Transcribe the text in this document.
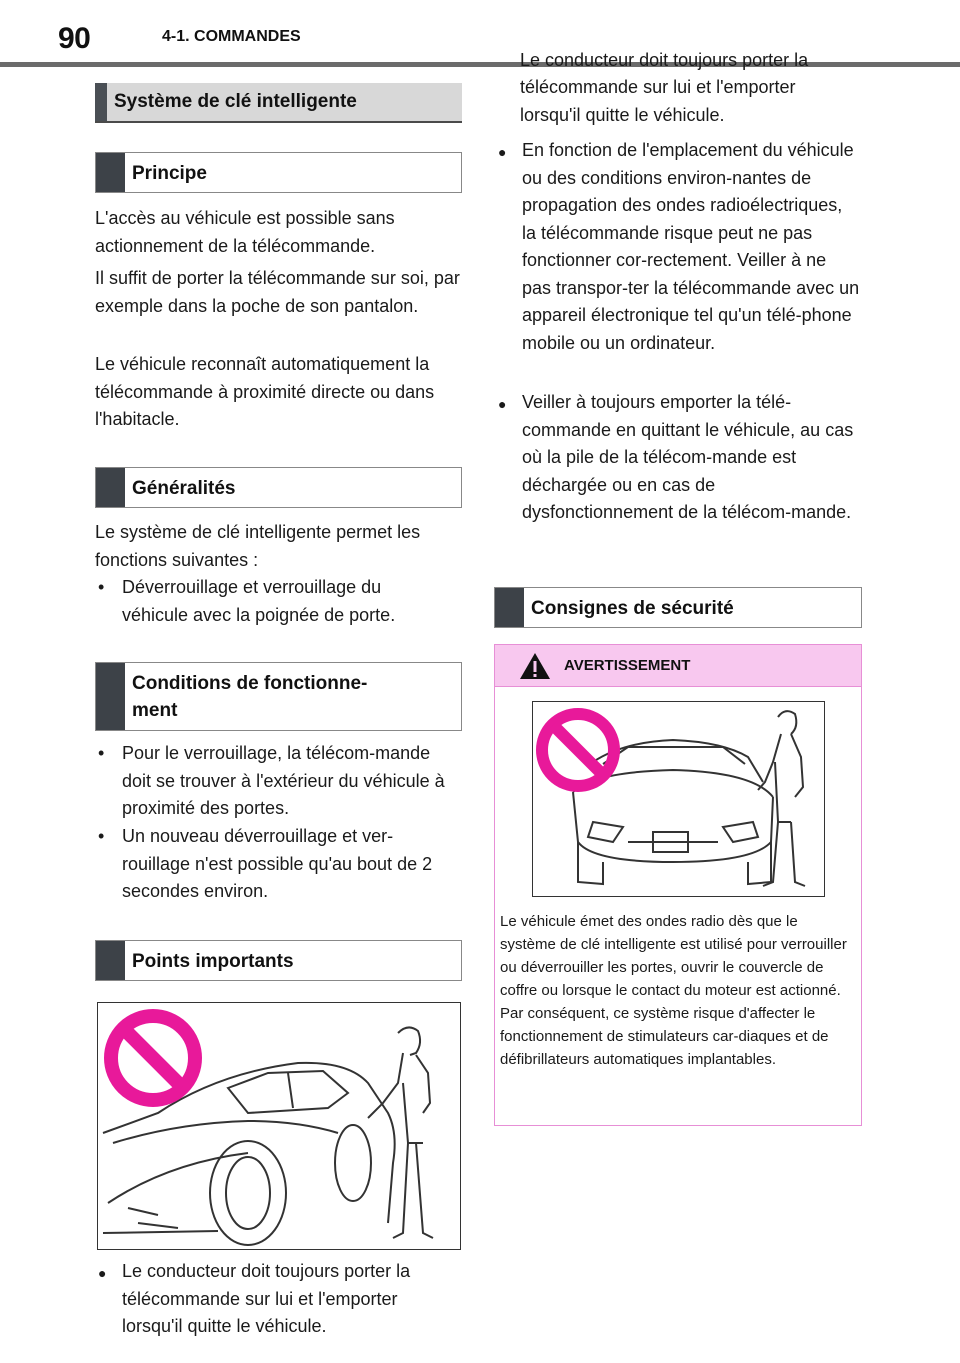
90	4-1. COMMANDES
Système de clé intelligente
Principe
L'accès au véhicule est possible sans actionnement de la télécommande.
Il suffit de porter la télécommande sur soi, par exemple dans la poche de son pantalon.
Le véhicule reconnaît automatiquement la télécommande à proximité directe ou dans l'habitacle.
Généralités
Le système de clé intelligente permet les fonctions suivantes :
• Déverrouillage et verrouillage du véhicule avec la poignée de porte.
Conditions de fonctionne-
ment
• Pour le verrouillage, la télécom-mande doit se trouver à l'extérieur du véhicule à proximité des portes.
• Un nouveau déverrouillage et ver-rouillage n'est possible qu'au bout de 2 secondes environ.
Points importants
● Le conducteur doit toujours porter la télécommande sur lui et l'emporter lorsqu'il quitte le véhicule.
Le conducteur doit toujours porter la télécommande sur lui et l'emporter lorsqu'il quitte le véhicule.
● En fonction de l'emplacement du véhicule ou des conditions environ-nantes de propagation des ondes radioélectriques, la télécommande risque peut ne pas fonctionner cor-rectement. Veiller à ne pas transpor-ter la télécommande avec un appareil électronique tel qu'un télé-phone mobile ou un ordinateur.
● Veiller à toujours emporter la télé-commande en quittant le véhicule, au cas où la pile de la télécom-mande est déchargée ou en cas de dysfonctionnement de la télécom-mande.
Consignes de sécurité
AVERTISSEMENT
Le véhicule émet des ondes radio dès que le système de clé intelligente est utilisé pour verrouiller ou déverrouiller les portes, ouvrir le couvercle de coffre ou lorsque le contact du moteur est actionné. Par conséquent, ce système risque d'affecter le fonctionnement de stimulateurs car-diaques et de défibrillateurs automatiques implantables.
